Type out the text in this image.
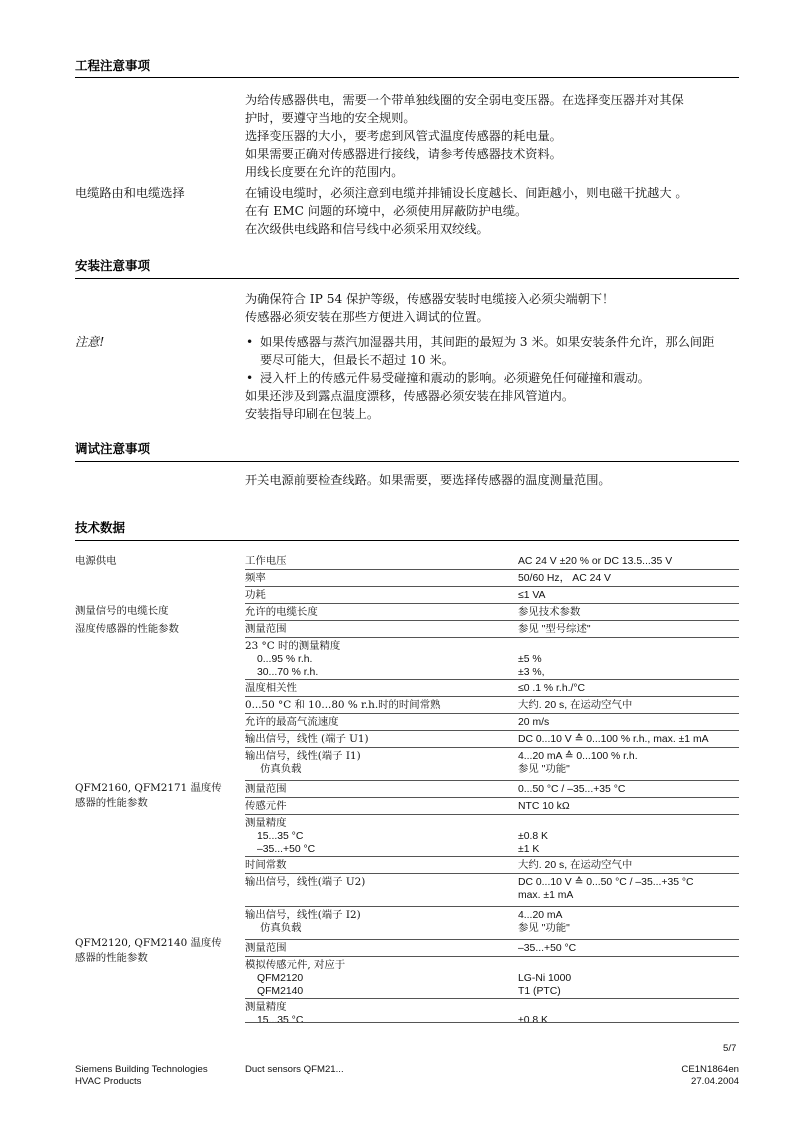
工程注意事项
为给传感器供电，需要一个带单独线圈的安全弱电变压器。在选择变压器并对其保
护时，要遵守当地的安全规则。
选择变压器的大小，要考虑到风管式温度传感器的耗电量。
如果需要正确对传感器进行接线，请参考传感器技术资料。
用线长度要在允许的范围内。
电缆路由和电缆选择	在铺设电缆时，必须注意到电缆并排铺设长度越长、间距越小，则电磁干扰越大 。
在有 EMC 问题的环境中，必须使用屏蔽防护电缆。
在次级供电线路和信号线中必须采用双绞线。
安装注意事项
为确保符合 IP 54 保护等级，传感器安装时电缆接入必须尖端朝下！
传感器必须安装在那些方便进入调试的位置。
注意!
•	如果传感器与蒸汽加湿器共用，其间距的最短为 3 米。如果安装条件允许，那么间距
要尽可能大，但最长不超过 10 米。
• 浸入杆上的传感元件易受碰撞和震动的影响。必须避免任何碰撞和震动。
如果还涉及到露点温度漂移，传感器必须安装在排风管道内。
安装指导印刷在包装上。
调试注意事项
开关电源前要检查线路。如果需要，要选择传感器的温度测量范围。
技术数据
电源供电
测量信号的电缆长度
湿度传感器的性能参数
QFM2160, QFM2171 温度传感器的性能参数
QFM2120, QFM2140 温度传感器的性能参数
工作电压	AC 24 V ±20 % or DC 13.5...35 V
频率	50/60 Hz， AC 24 V
功耗	≤1 VA
允许的电缆长度	参见技术参数
测量范围	参见 "型号综述"
23 °C 时的测量精度
0...95 % r.h.
30...70 % r.h.
±5 %
±3 %,
温度相关性	≤0 .1 % r.h./°C
0...50 °C 和 10...80 % r.h.时的时间常熟	大约. 20 s, 在运动空气中
允许的最高气流速度	20 m/s
输出信号，线性 (端子 U1)	DC 0...10 V ≙ 0...100 % r.h., max. ±1 mA
输出信号，线性(端子 I1)
仿真负载
4...20 mA ≙ 0...100 % r.h.
参见 "功能"
测量范围	0...50 °C / –35...+35 °C
传感元件	NTC 10 kΩ
测量精度
15...35 °C
–35...+50 °C
±0.8 K
±1 K
时间常数	大约. 20 s, 在运动空气中
输出信号，线性(端子 U2)	DC 0...10 V ≙ 0...50 °C / –35...+35 °C
max. ±1 mA
输出信号，线性(端子 I2)
仿真负载
4...20 mA
参见 "功能"
测量范围	–35...+50 °C
模拟传感元件, 对应于
QFM2120
QFM2140
LG-Ni 1000
T1 (PTC)
测量精度
15...35 °C	±0.8 K
5/7
Siemens Building Technologies
HVAC Products
Duct sensors QFM21...	CE1N1864en
27.04.2004
